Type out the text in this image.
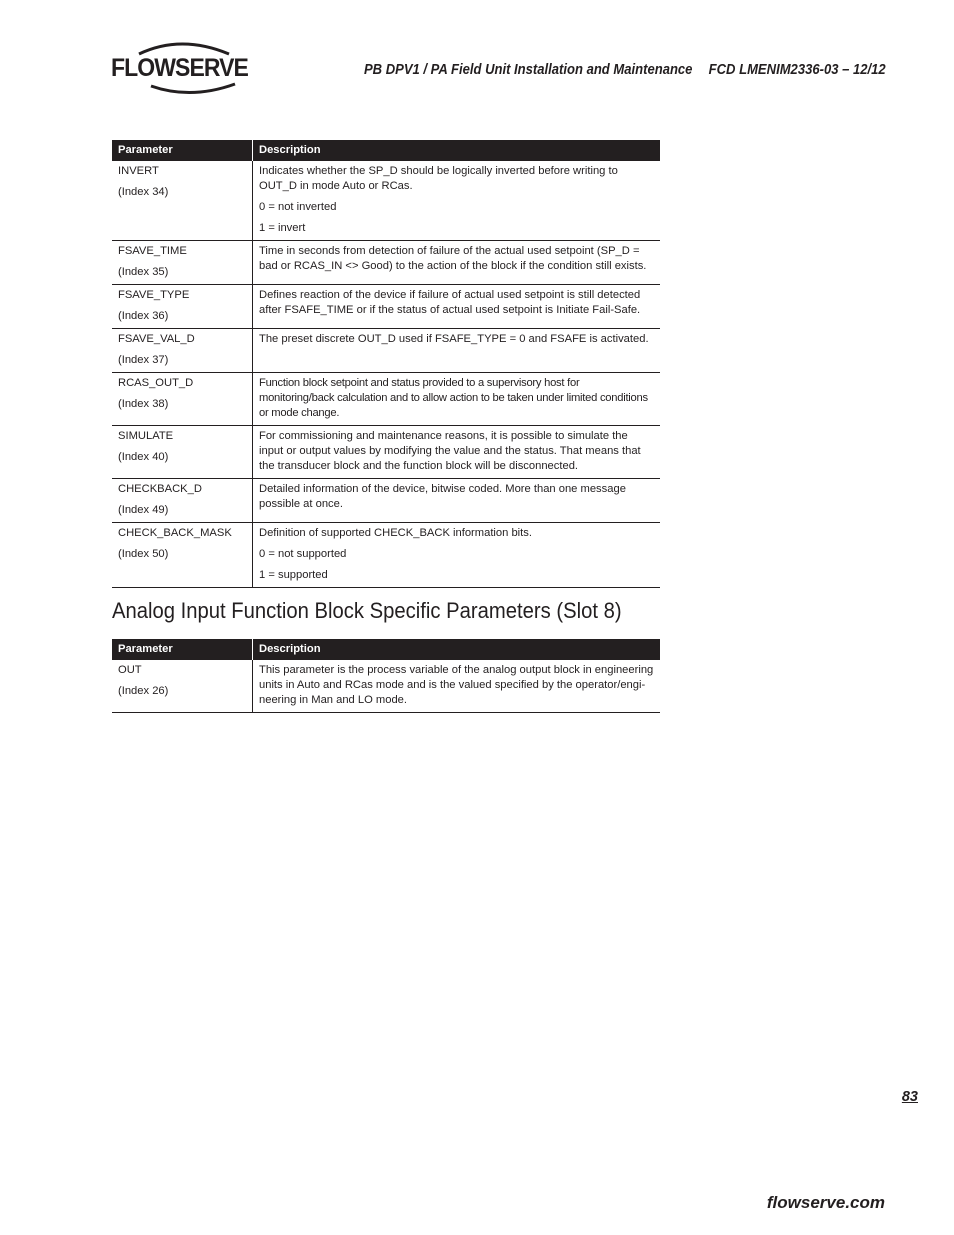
FLOWSERVE	PB DPV1 / PA Field Unit Installation and Maintenance FCD LMENIM2336-03 – 12/12
Parameter	Description

INVERT
(Index 34)	Indicates whether the SP_D should be logically inverted before writing to OUT_D in mode Auto or RCas.
0 = not inverted
1 = invert

FSAVE_TIME
(Index 35)	Time in seconds from detection of failure of the actual used setpoint (SP_D = bad or RCAS_IN <> Good) to the action of the block if the condition still exists.

FSAVE_TYPE
(Index 36)	Defines reaction of the device if failure of actual used setpoint is still detected after FSAFE_TIME or if the status of actual used setpoint is Initiate Fail-Safe.

FSAVE_VAL_D
(Index 37)	The preset discrete OUT_D used if FSAFE_TYPE = 0 and FSAFE is activated.

RCAS_OUT_D
(Index 38)	Function block setpoint and status provided to a supervisory host for monitoring/back calculation and to allow action to be taken under limited conditions or mode change.

SIMULATE
(Index 40)	For commissioning and maintenance reasons, it is possible to simulate the input or output values by modifying the value and the status. That means that the transducer block and the function block will be disconnected.

CHECKBACK_D
(Index 49)	Detailed information of the device, bitwise coded. More than one message possible at once.

CHECK_BACK_MASK
(Index 50)	Definition of supported CHECK_BACK information bits.
0 = not supported
1 = supported
Analog Input Function Block Specific Parameters (Slot 8)
Parameter	Description

OUT
(Index 26)	This parameter is the process variable of the analog output block in engineering units in Auto and RCas mode and is the valued specified by the operator/engi-neering in Man and LO mode.
83
flowserve.com
